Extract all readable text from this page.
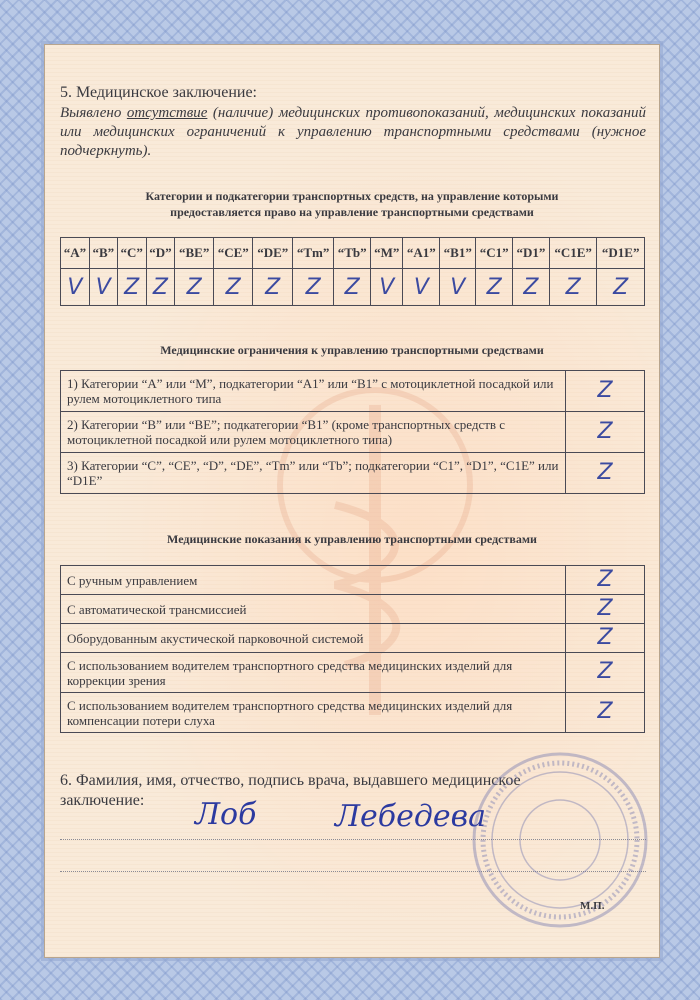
5. Медицинское заключение:
Выявлено отсутствие (наличие) медицинских противопоказаний, медицинских показаний или медицинских ограничений к управлению транспортными средствами (нужное подчеркнуть).
Категории и подкатегории транспортных средств, на управление которыми
предоставляется право на управление транспортными средствами
“A”	“B”	“C”	“D”	“BE”	“CE”	“DE”	“Tm”	“Tb”	“M”	“A1”	“B1”	“C1”	“D1”	“C1E”	“D1E”
V	V	Z	Z	Z	Z	Z	Z	Z	V	V	V	Z	Z	Z	Z
Медицинские ограничения к управлению транспортными средствами
1) Категории “A” или “M”, подкатегории “A1” или “B1” с мотоциклетной посадкой или рулем мотоциклетного типа	Z
2) Категории “B” или “BE”; подкатегории “B1” (кроме транспортных средств с мотоциклетной посадкой или рулем мотоциклетного типа)	Z
3) Категории “C”, “CE”, “D”, “DE”, “Tm” или “Tb”; подкатегории “C1”, “D1”, “C1E” или “D1E”	Z
Медицинские показания к управлению транспортными средствами
С ручным управлением	Z
С автоматической трансмиссией	Z
Оборудованным акустической парковочной системой	Z
С использованием водителем транспортного средства медицинских изделий для коррекции зрения	Z
С использованием водителем транспортного средства медицинских изделий для компенсации потери слуха	Z
6. Фамилия, имя, отчество, подпись врача, выдавшего медицинское заключение:	Лоб	Лебедева
М.П.
